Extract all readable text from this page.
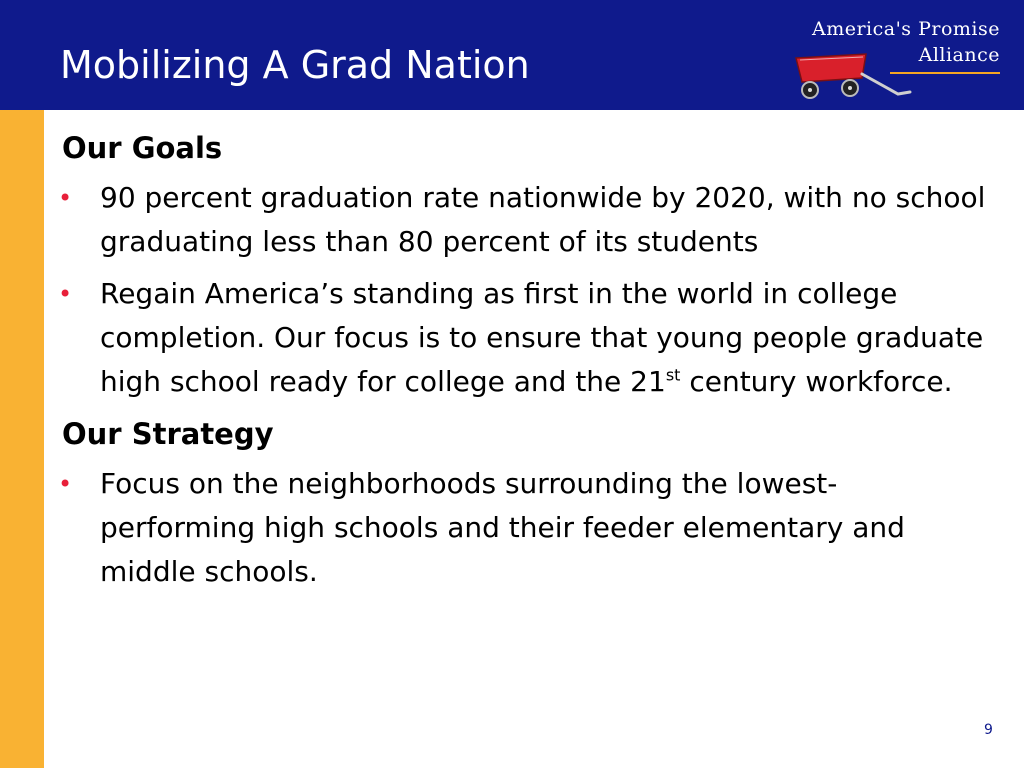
Mobilizing A Grad Nation
America's Promise
Alliance

Our Goals

• 90 percent graduation rate nationwide by 2020, with no school graduating less than 80 percent of its students
• Regain America’s standing as first in the world in college completion. Our focus is to ensure that young people graduate high school ready for college and the 21st century workforce.

Our Strategy

• Focus on the neighborhoods surrounding the lowest-performing high schools and their feeder elementary and middle schools.
9
